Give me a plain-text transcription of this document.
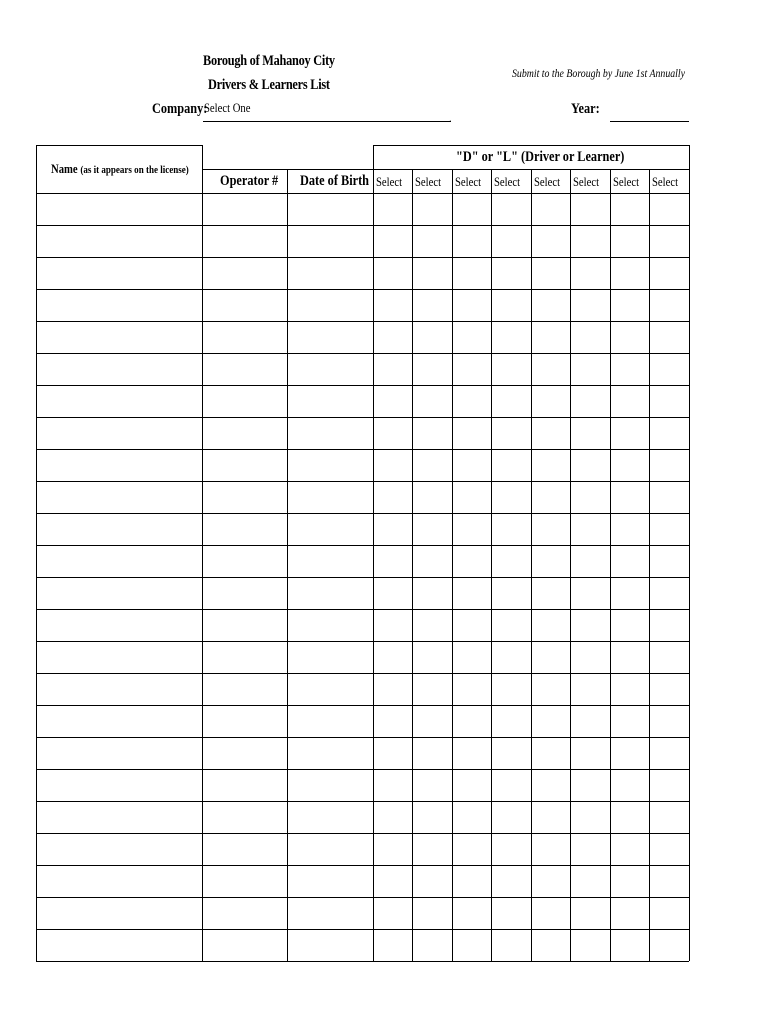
Borough of Mahanoy City
Drivers & Learners List
Submit to the Borough by June 1st Annually
Company:
Select One
.
Year:
Name (as it appears on the license)
Operator # Date of Birth
"D" or "L" (Driver or Learner)
Select Select Select Select Select Select Select Select
